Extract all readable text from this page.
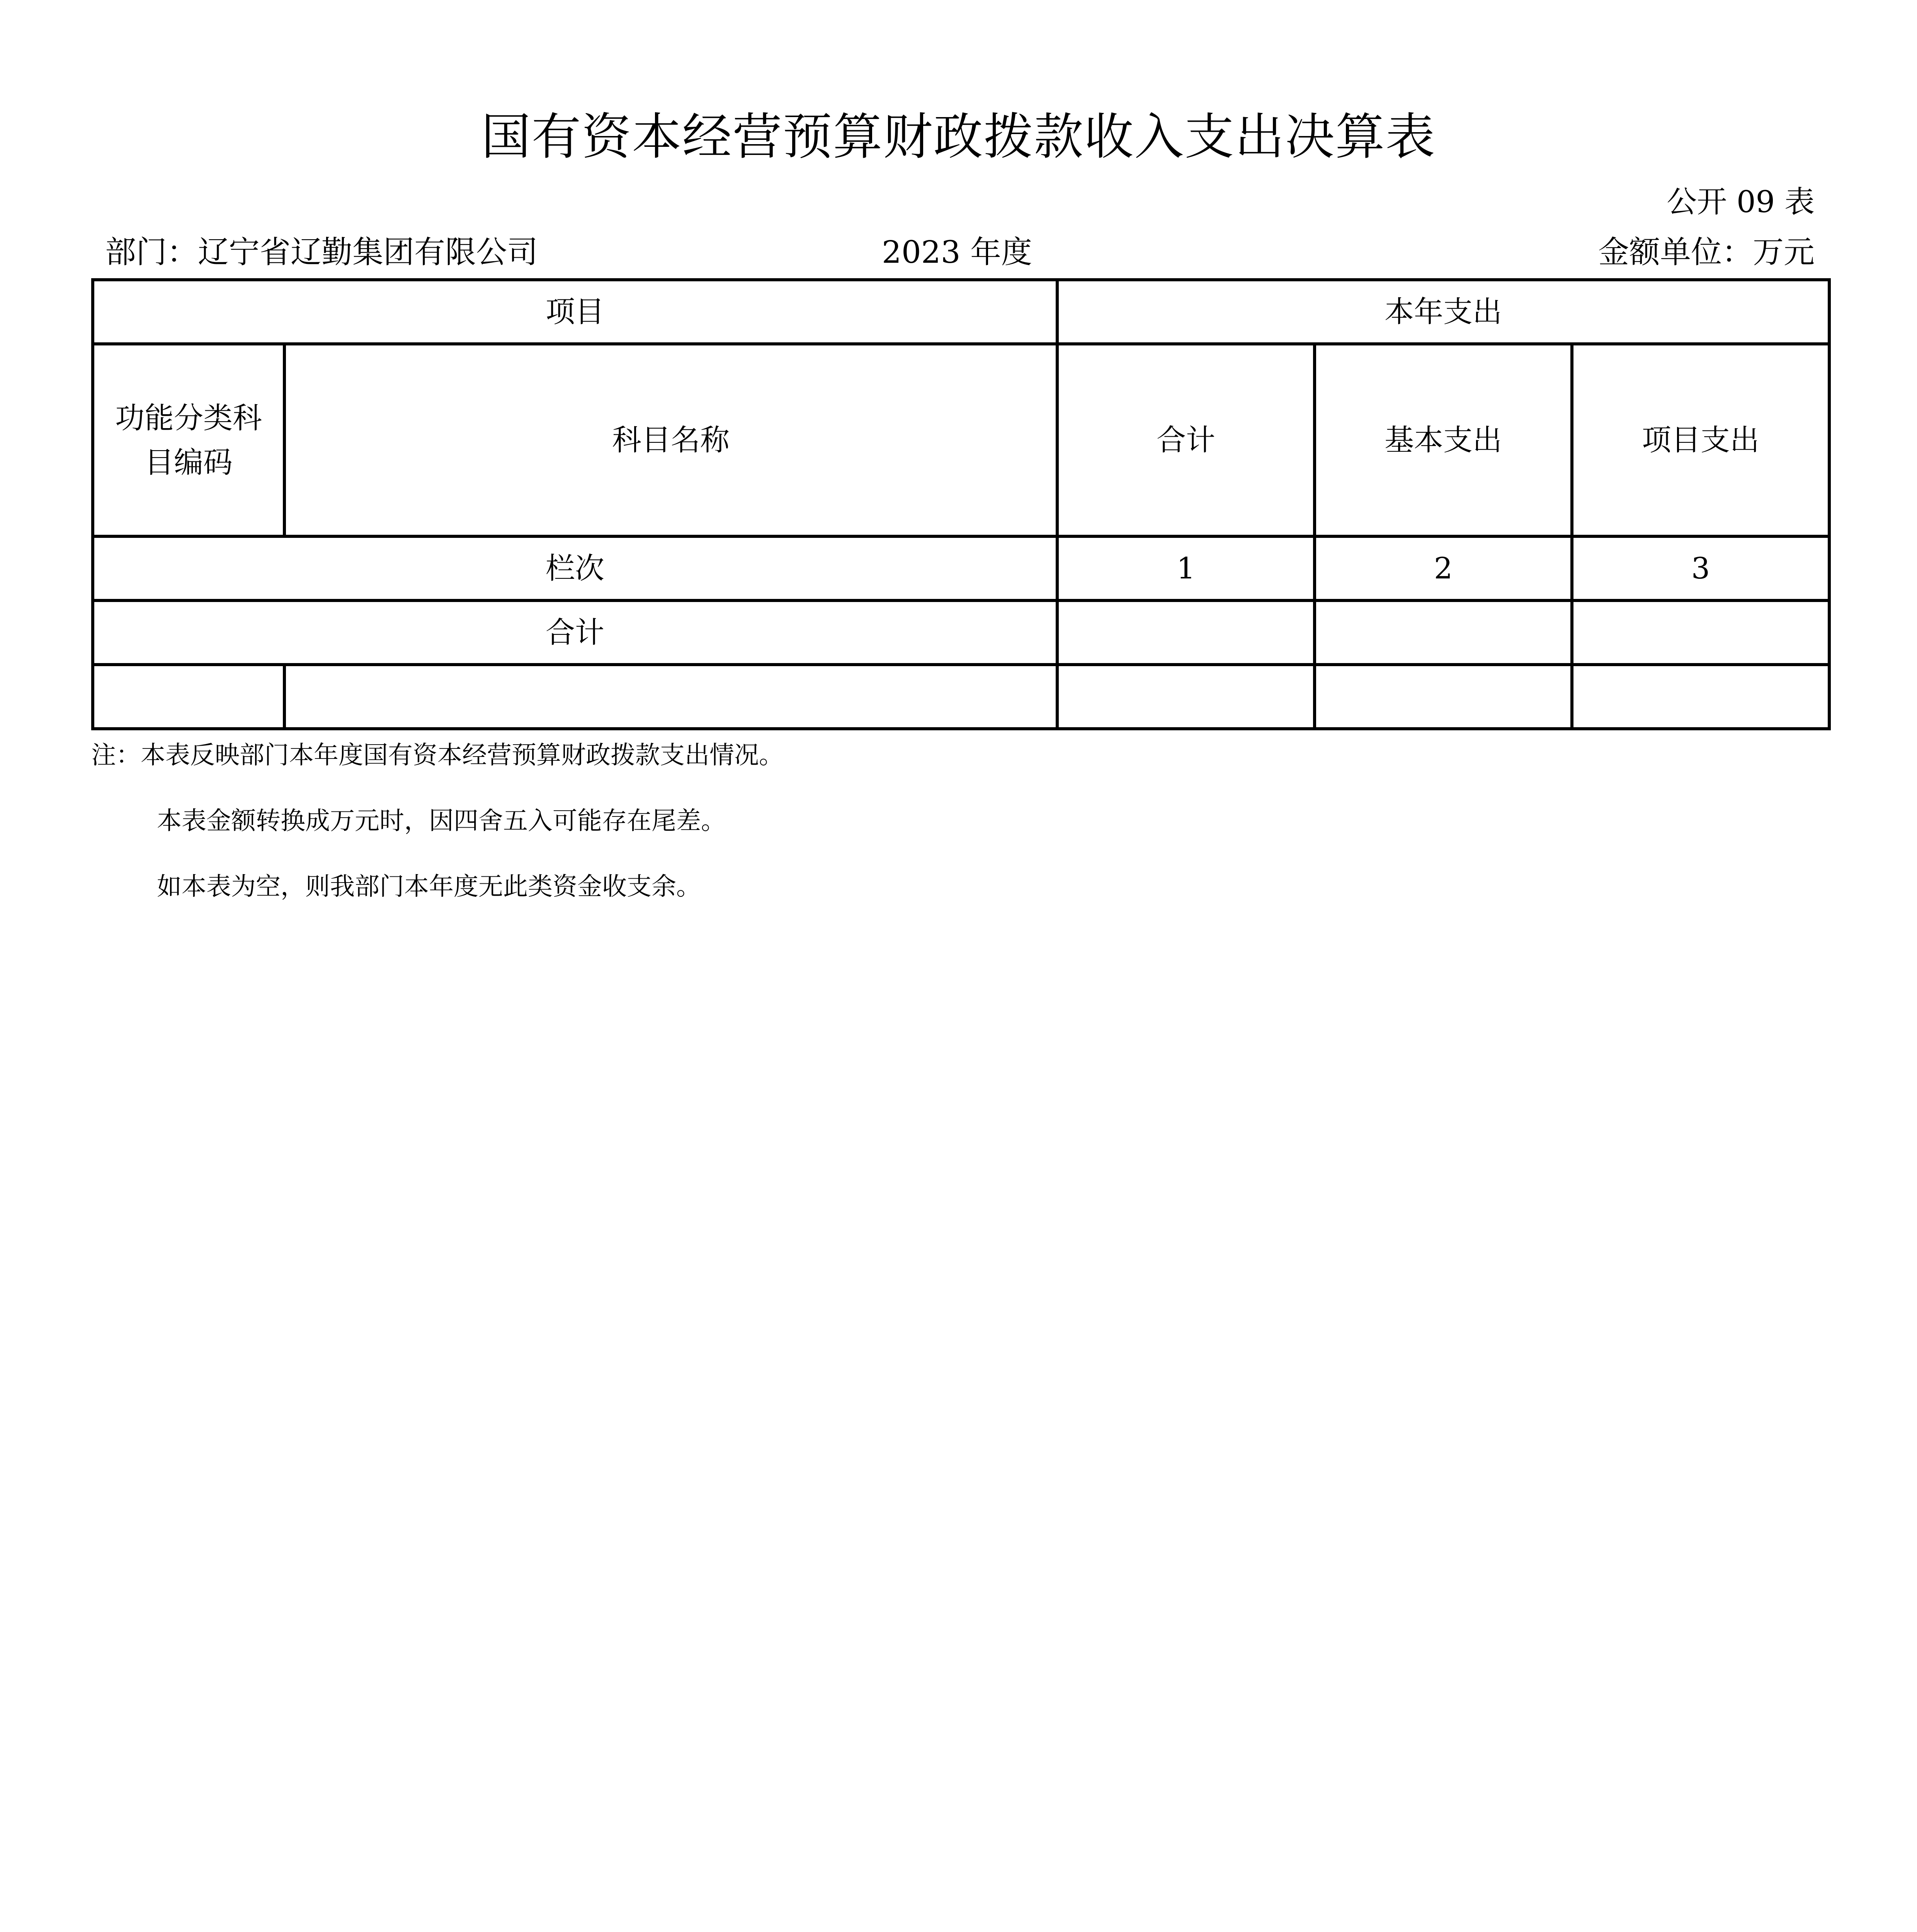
国有资本经营预算财政拨款收入支出决算表
公开 09 表
部门：辽宁省辽勤集团有限公司	2023 年度	金额单位：万元
项目		本年支出		
功能分类科目编码	科目名称	合计	基本支出	项目支出
栏次		1	2	3
合计				

注：本表反映部门本年度国有资本经营预算财政拨款支出情况。
本表金额转换成万元时，因四舍五入可能存在尾差。
如本表为空，则我部门本年度无此类资金收支余。
